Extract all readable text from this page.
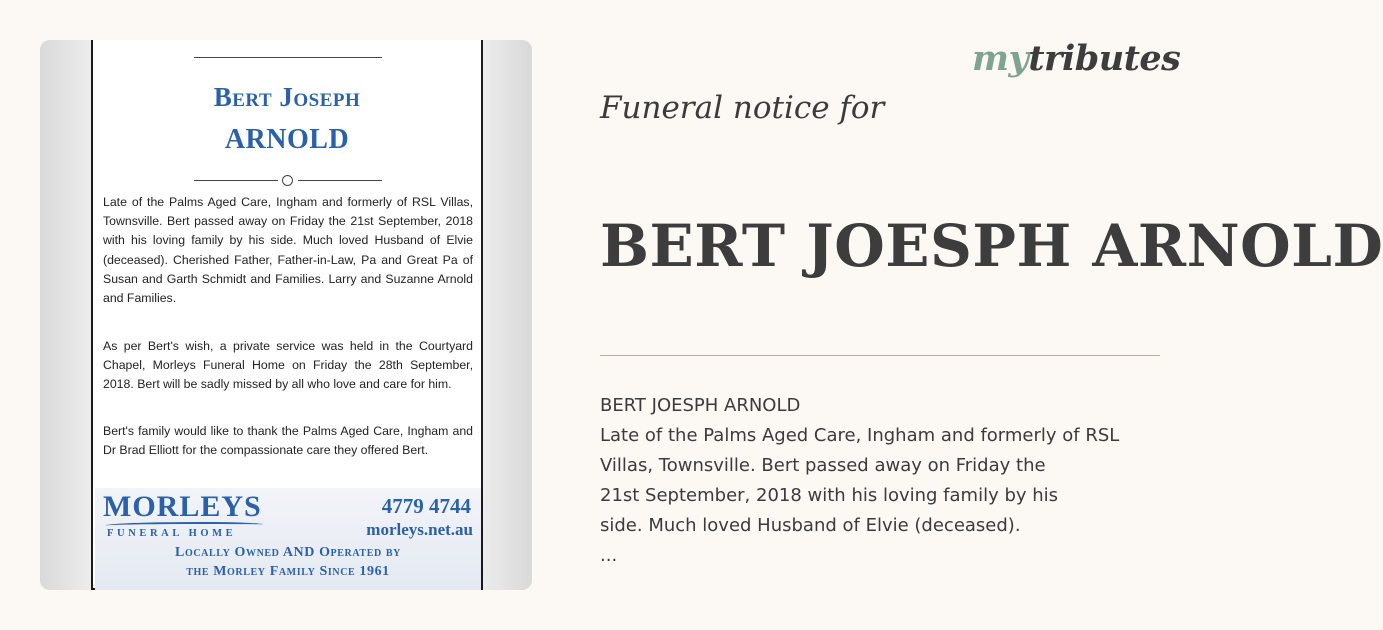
Bert Joseph
ARNOLD

Late of the Palms Aged Care, Ingham and formerly of RSL Villas, Townsville. Bert passed away on Friday the 21st September, 2018 with his loving family by his side. Much loved Husband of Elvie (deceased). Cherished Father, Father-in-Law, Pa and Great Pa of Susan and Garth Schmidt and Families. Larry and Suzanne Arnold and Families.

As per Bert's wish, a private service was held in the Courtyard Chapel, Morleys Funeral Home on Friday the 28th September, 2018. Bert will be sadly missed by all who love and care for him.

Bert's family would like to thank the Palms Aged Care, Ingham and Dr Brad Elliott for the compassionate care they offered Bert.

MORLEYS
FUNERAL HOME
4779 4744
morleys.net.au
Locally Owned AND Operated by
the Morley Family Since 1961
mytributes
Funeral notice for
BERT JOESPH ARNOLD
BERT JOESPH ARNOLD
Late of the Palms Aged Care, Ingham and formerly of RSL
Villas, Townsville. Bert passed away on Friday the
21st September, 2018 with his loving family by his
side. Much loved Husband of Elvie (deceased).
...
